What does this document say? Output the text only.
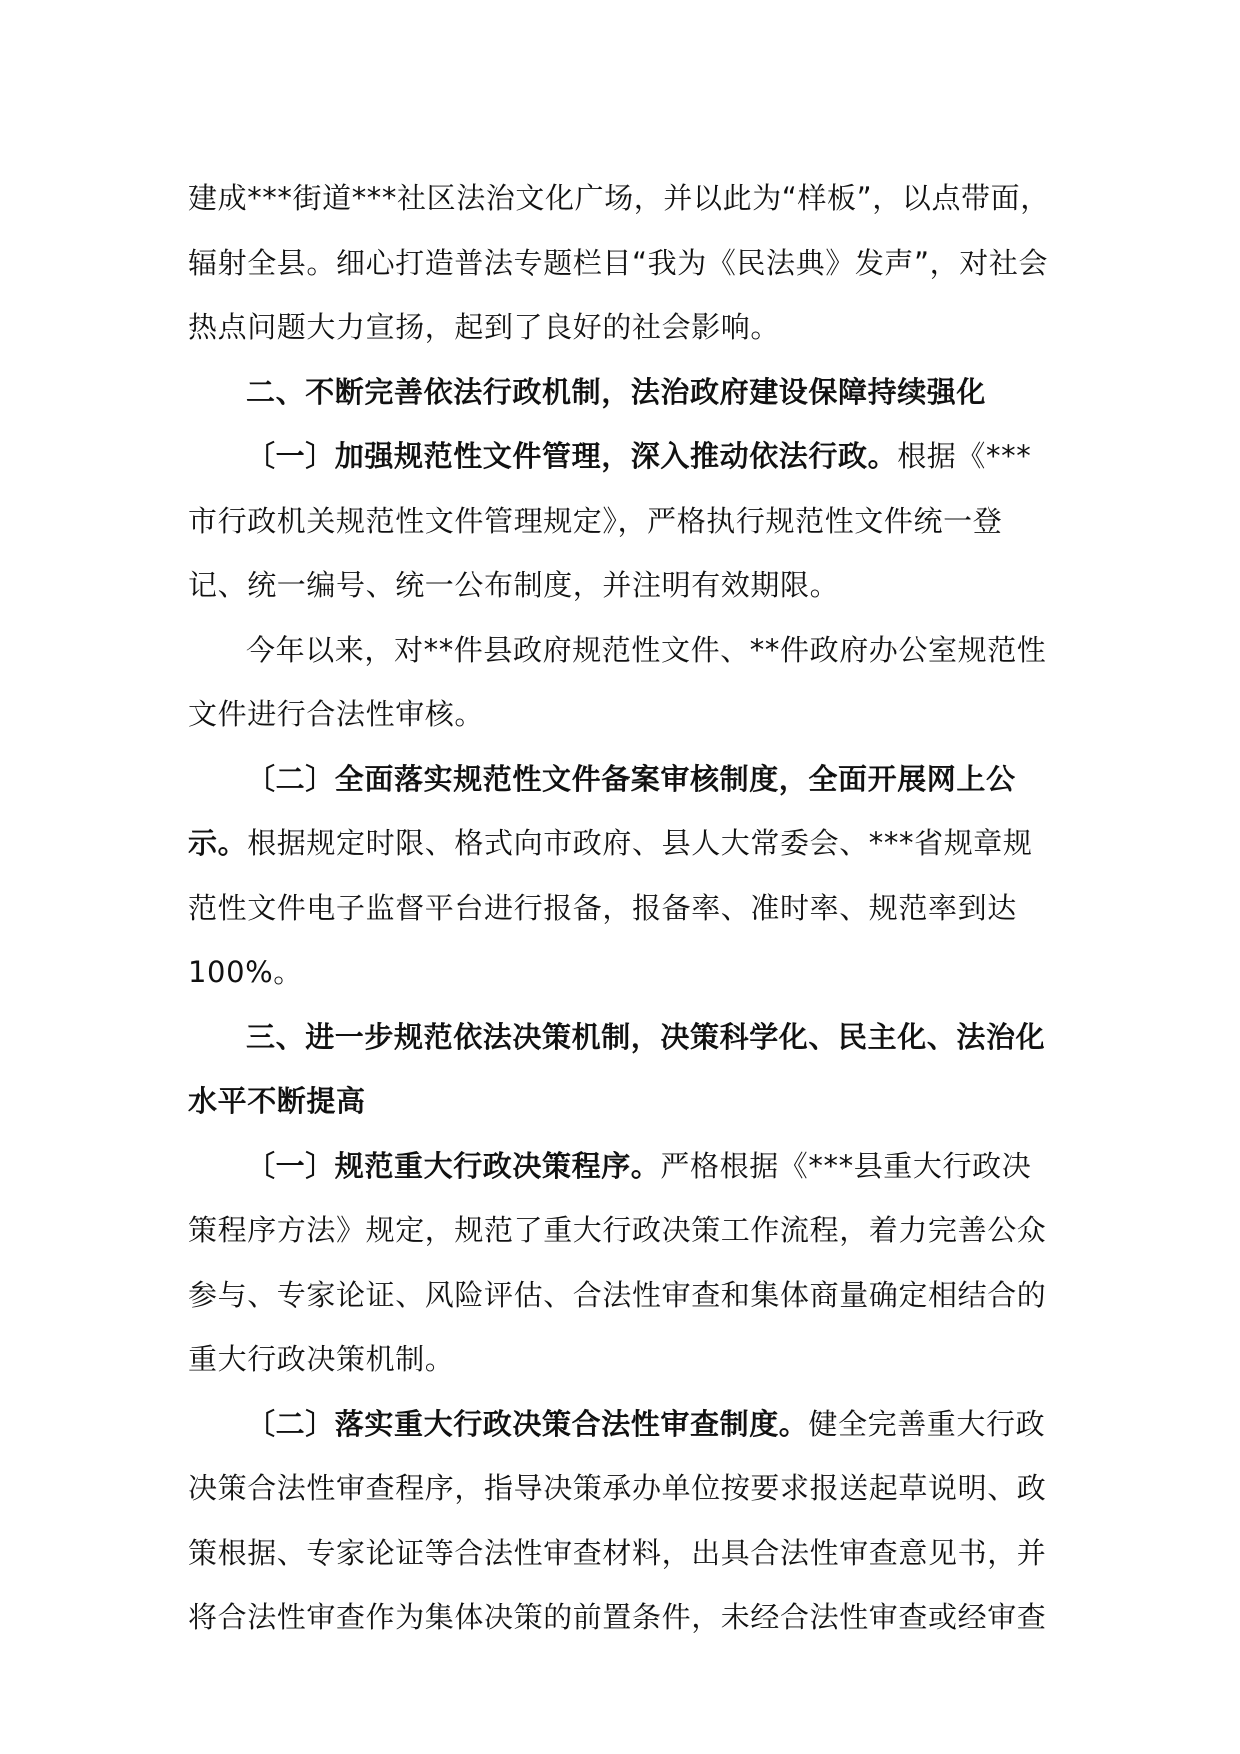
建成***街道***社区法治文化广场，并以此为“样板”，以点带面，辐射全县。细心打造普法专题栏目“我为《民法典》发声”，对社会热点问题大力宣扬，起到了良好的社会影响。

二、不断完善依法行政机制，法治政府建设保障持续强化

〔一〕加强规范性文件管理，深入推动依法行政。根据《***市行政机关规范性文件管理规定》，严格执行规范性文件统一登记、统一编号、统一公布制度，并注明有效期限。

今年以来，对**件县政府规范性文件、**件政府办公室规范性文件进行合法性审核。

〔二〕全面落实规范性文件备案审核制度，全面开展网上公示。根据规定时限、格式向市政府、县人大常委会、***省规章规范性文件电子监督平台进行报备，报备率、准时率、规范率到达 100%。

三、进一步规范依法决策机制，决策科学化、民主化、法治化水平不断提高

〔一〕规范重大行政决策程序。严格根据《***县重大行政决策程序方法》规定，规范了重大行政决策工作流程，着力完善公众参与、专家论证、风险评估、合法性审查和集体商量确定相结合的重大行政决策机制。

〔二〕落实重大行政决策合法性审查制度。健全完善重大行政决策合法性审查程序，指导决策承办单位按要求报送起草说明、政策根据、专家论证等合法性审查材料，出具合法性审查意见书，并将合法性审查作为集体决策的前置条件，未经合法性审查或经审查
